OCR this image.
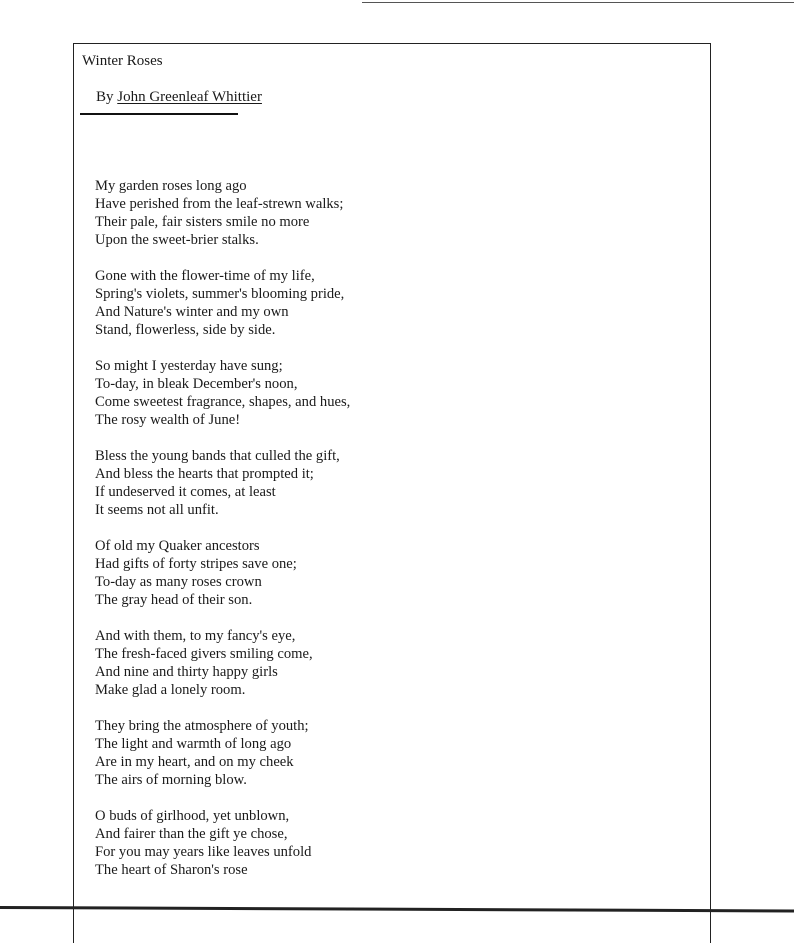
Winter Roses
By John Greenleaf Whittier
My garden roses long ago
Have perished from the leaf-strewn walks;
Their pale, fair sisters smile no more
Upon the sweet-brier stalks.
Gone with the flower-time of my life,
Spring's violets, summer's blooming pride,
And Nature's winter and my own
Stand, flowerless, side by side.
So might I yesterday have sung;
To-day, in bleak December's noon,
Come sweetest fragrance, shapes, and hues,
The rosy wealth of June!
Bless the young bands that culled the gift,
And bless the hearts that prompted it;
If undeserved it comes, at least
It seems not all unfit.
Of old my Quaker ancestors
Had gifts of forty stripes save one;
To-day as many roses crown
The gray head of their son.
And with them, to my fancy's eye,
The fresh-faced givers smiling come,
And nine and thirty happy girls
Make glad a lonely room.
They bring the atmosphere of youth;
The light and warmth of long ago
Are in my heart, and on my cheek
The airs of morning blow.
O buds of girlhood, yet unblown,
And fairer than the gift ye chose,
For you may years like leaves unfold
The heart of Sharon's rose
